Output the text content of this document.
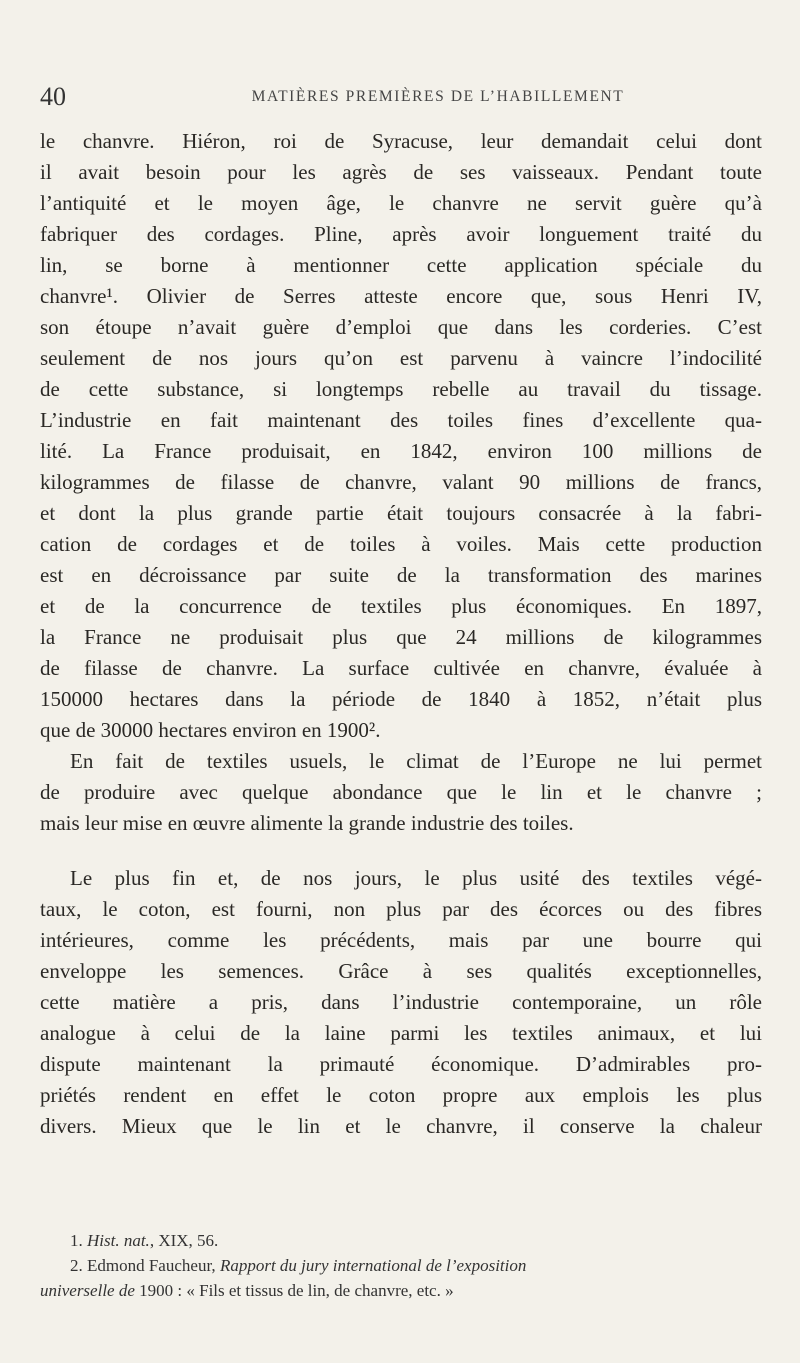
40	MATIÈRES PREMIÈRES DE L’HABILLEMENT

le chanvre. Hiéron, roi de Syracuse, leur demandait celui dont
il avait besoin pour les agrès de ses vaisseaux. Pendant toute
l’antiquité et le moyen âge, le chanvre ne servit guère qu’à
fabriquer des cordages. Pline, après avoir longuement traité du
lin, se borne à mentionner cette application spéciale du
chanvre¹. Olivier de Serres atteste encore que, sous Henri IV,
son étoupe n’avait guère d’emploi que dans les corderies. C’est
seulement de nos jours qu’on est parvenu à vaincre l’indocilité
de cette substance, si longtemps rebelle au travail du tissage.
L’industrie en fait maintenant des toiles fines d’excellente qua-
lité. La France produisait, en 1842, environ 100 millions de
kilogrammes de filasse de chanvre, valant 90 millions de francs,
et dont la plus grande partie était toujours consacrée à la fabri-
cation de cordages et de toiles à voiles. Mais cette production
est en décroissance par suite de la transformation des marines
et de la concurrence de textiles plus économiques. En 1897,
la France ne produisait plus que 24 millions de kilogrammes
de filasse de chanvre. La surface cultivée en chanvre, évaluée à
150000 hectares dans la période de 1840 à 1852, n’était plus
que de 30000 hectares environ en 1900².

En fait de textiles usuels, le climat de l’Europe ne lui permet
de produire avec quelque abondance que le lin et le chanvre ;
mais leur mise en œuvre alimente la grande industrie des toiles.

Le plus fin et, de nos jours, le plus usité des textiles végé-
taux, le coton, est fourni, non plus par des écorces ou des fibres
intérieures, comme les précédents, mais par une bourre qui
enveloppe les semences. Grâce à ses qualités exceptionnelles,
cette matière a pris, dans l’industrie contemporaine, un rôle
analogue à celui de la laine parmi les textiles animaux, et lui
dispute maintenant la primauté économique. D’admirables pro-
priétés rendent en effet le coton propre aux emplois les plus
divers. Mieux que le lin et le chanvre, il conserve la chaleur

1. Hist. nat., XIX, 56.
2. Edmond Faucheur, Rapport du jury international de l’exposition
universelle de 1900 : « Fils et tissus de lin, de chanvre, etc. »
